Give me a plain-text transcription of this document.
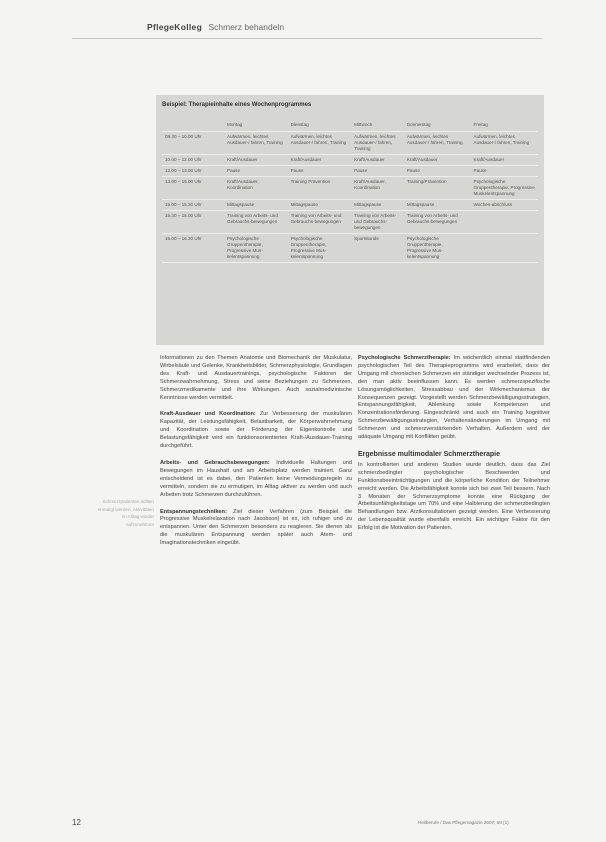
PflegeKolleg Schmerz behandeln
Beispiel: Therapieinhalte eines Wochenprogrammes
	Montag	Dienstag	Mittwoch	Donnerstag	Freitag
08.30 – 10.00 Uhr	Aufwärmen, leichtes Ausdauer-/ fahren, Training	Aufwärmen, leichtes Ausdauer-/ fahren, Training	Aufwärmen, leichtes Ausdauer-/ fahren, Training	Aufwärmen, leichtes Ausdauer-/ fahren, Training	Aufwärmen, leichtes Ausdauer-/ fahren, Training
10.00 – 12.00 Uhr	Kraft/Ausdauer	Kraft/Ausdauer	Kraft/Ausdauer	Kraft/Ausdauer	Kraft/Ausdauer
12.00 – 13.00 Uhr	Pause	Pause	Pause	Pause	Pause
13.00 – 15.00 Uhr	Kraft/Ausdauer, Koordination	Training Prävention	Kraft/Ausdauer, Koordination	Training/Prävention	Psychologische Gruppentherapie, Progressive Muskelentspannung
15.00 – 15.30 Uhr	Mittagspause	Mittagspause	Mittagspause	Mittagspause	Wochen-abschluss
15.30 – 15.00 Uhr	Training von Arbeits- und Gebrauchs-bewegungen	Training von Arbeits- und Gebrauchs-bewegungen	Training von Arbeits- und Gebrauchs-bewegungen	Training von Arbeits- und Gebrauchs-bewegungen	
15.00 – 16.30 Uhr	Psychologische Gruppentherapie, Progressive Mus-kelentspannung	Psychologische Gruppentherapie, Progressive Mus-kelentspannung	Sportstunde	Psychologische Gruppentherapie, Progressive Mus-kelentspannung	

Informationen zu den Themen Anatomie und Biomechanik der Muskulatur, Wirbelsäule und Gelenke, Krankheitsbilder, Schmerzphysiologie, Grundlagen des Kraft- und Ausdauertrainings, psychologische Faktoren der Schmerzwahrnehmung, Stress und seine Beziehungen zu Schmerzen, Schmerzmedikamente und ihre Wirkungen. Auch sozialmedizinische Kenntnisse werden vermittelt.

Kraft-Ausdauer und Koordination: Zur Verbesserung der muskulären Kapazität, der Leistungsfähigkeit, Belastbarkeit, der Körperwahrnehmung und Koordination sowie der Förderung der Eigenkontrolle und Belastungsfähigkeit wird ein funktionsorientiertes Kraft-/Ausdauer-Training durchgeführt.

Arbeits- und Gebrauchsbewegungen: Individuelle Haltungen und Bewegungen im Haushalt und am Arbeitsplatz werden trainiert. Ganz entscheidend ist es dabei, den Patienten keine Vermeidungsregeln zu vermitteln, sondern sie zu ermutigen, im Alltag aktiver zu werden und auch Arbeiten trotz Schmerzen durchzuführen.

Entspannungstechniken: Ziel dieser Verfahren (zum Beispiel die Progressive Muskelrelaxation nach Jacobson) ist es, ich ruhiger und zu entspannen. Unter den Schmerzen besonders zu reagieren. Sie dienen als die muskulären Entspannung werden später auch Atem- und Imaginationstechniken eingeübt.

Psychologische Schmerztherapie: Im wöchentlich einmal stattfindenden psychologischen Teil des Therapieprogramms wird erarbeitet, dass der Umgang mit chronischen Schmerzen ein ständiger wechselnder Prozess ist, den man aktiv beeinflussen kann. Es werden schmerzspezifische Lösungsmöglichkeiten, Stressabbau und der Wirkmechanismus der Konsequenzen gezeigt. Vorgestellt werden Schmerzbewältigungsstrategien, Entspannungsfähigkeit, Ablenkung sowie Kompetenzen und Konzentrationsförderung. Eingeschränkt sind auch ein Training kognitiver Schmerzbewältigungsstrategien, Verhaltensänderungen im Umgang mit Schmerzen und schmerzverstärkenden Verhalten. Außerdem wird der adäquate Umgang mit Konflikten geübt.

Ergebnisse multimodaler Schmerztherapie

In kontrollierten und anderen Studien wurde deutlich, dass das Ziel schmerzbedingter psychologischer Beschwerden und Funktionsbeeinträchtigungen und die körperliche Kondition der Teilnehmer erreicht werden. Die Arbeitsfähigkeit konnte sich bei zwei Teil bessern. Nach 3 Monaten der Schmerzsymptome konnte eine Rückgang der Arbeitsunfähigkeitstage um 70% und eine Halbierung der schmerzbedingten Behandlungen bzw. Arztkonsultationen gezeigt werden. Eine Verbesserung der Lebensqualität wurde ebenfalls erreicht. Ein wichtiger Faktor für den Erfolg ist die Motivation der Patienten.

Schmerzpatienten sollten ermutigt werden, Aktivitäten im Alltag wieder aufzunehmen
12	Heilberufe / Das Pflegemagazin 2007; 59 (1)
